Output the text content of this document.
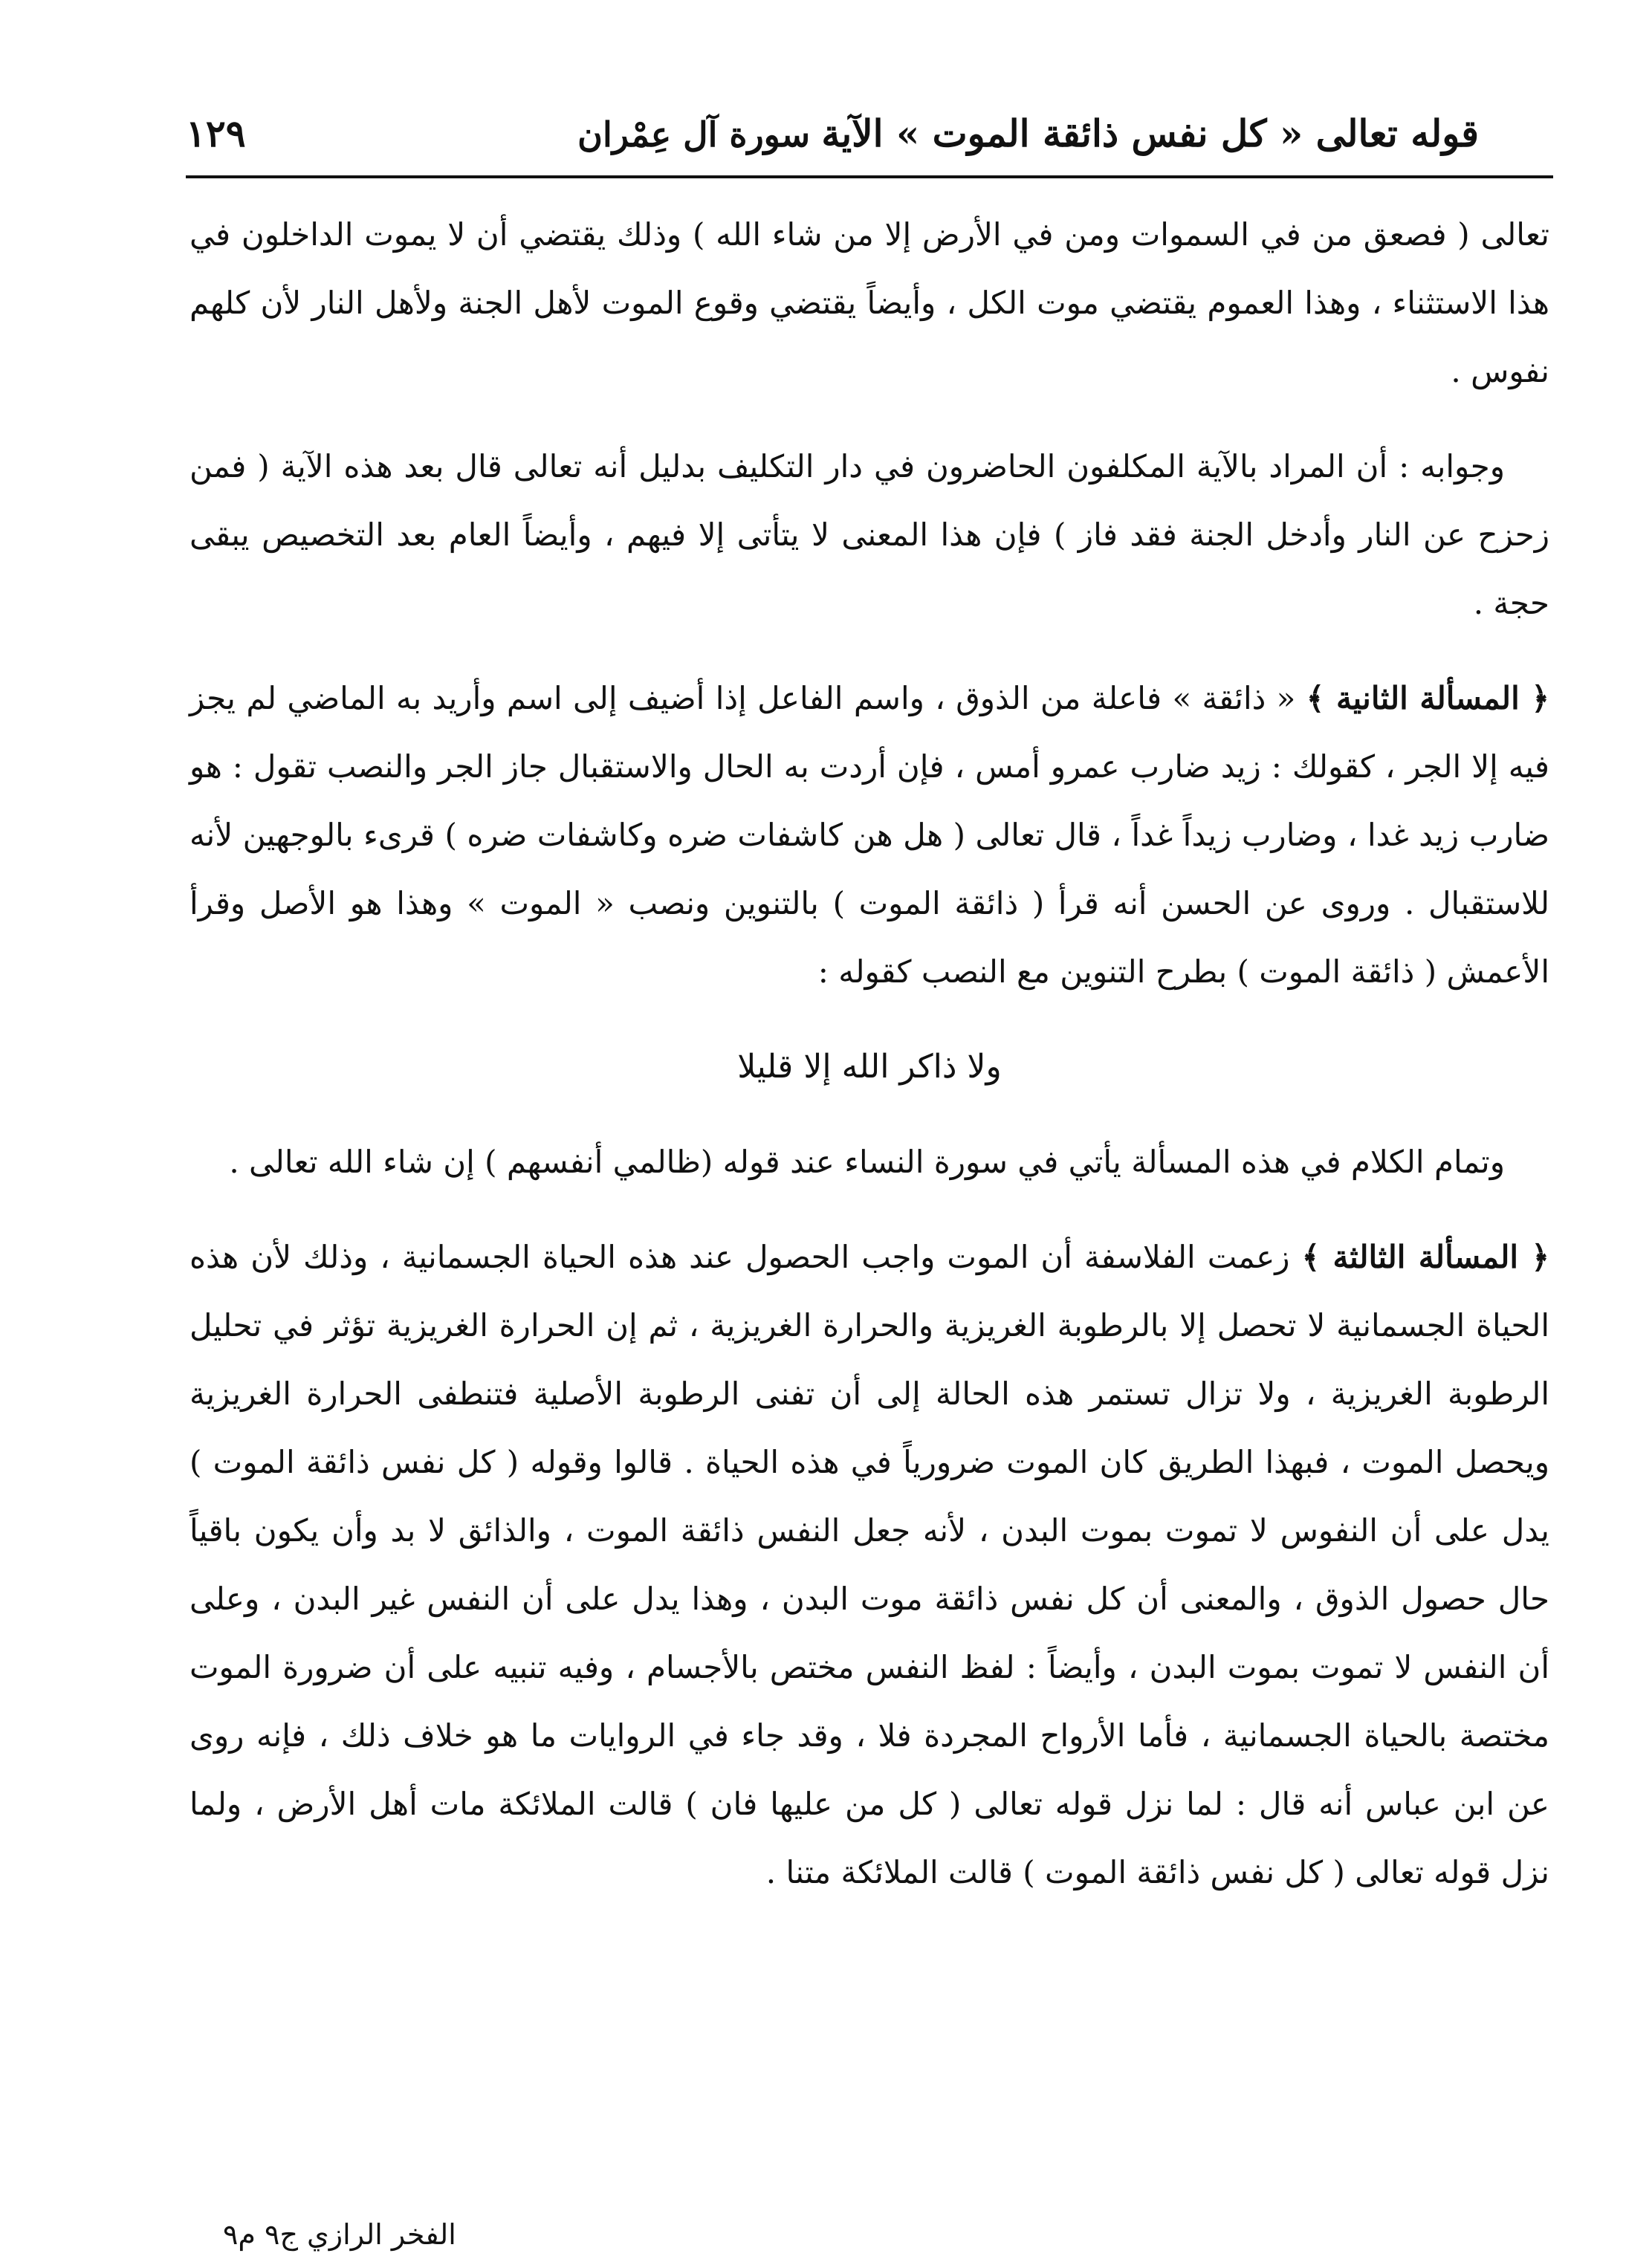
قوله تعالى « كل نفس ذائقة الموت » الآية
سورة آل عِمْران
١٢٩

تعالى ( فصعق من في السموات ومن في الأرض إلا من شاء الله ) وذلك يقتضي أن لا يموت الداخلون في هذا الاستثناء ، وهذا العموم يقتضي موت الكل ، وأيضاً يقتضي وقوع الموت لأهل الجنة ولأهل النار لأن كلهم نفوس .

وجوابه : أن المراد بالآية المكلفون الحاضرون في دار التكليف بدليل أنه تعالى قال بعد هذه الآية ( فمن زحزح عن النار وأدخل الجنة فقد فاز ) فإن هذا المعنى لا يتأتى إلا فيهم ، وأيضاً العام بعد التخصيص يبقى حجة .

﴿ المسألة الثانية ﴾ « ذائقة » فاعلة من الذوق ، واسم الفاعل إذا أضيف إلى اسم وأريد به الماضي لم يجز فيه إلا الجر ، كقولك : زيد ضارب عمرو أمس ، فإن أردت به الحال والاستقبال جاز الجر والنصب تقول : هو ضارب زيد غدا ، وضارب زيداً غداً ، قال تعالى ( هل هن كاشفات ضره وكاشفات ضره ) قرىء بالوجهين لأنه للاستقبال . وروى عن الحسن أنه قرأ ( ذائقة الموت ) بالتنوين ونصب « الموت » وهذا هو الأصل وقرأ الأعمش ( ذائقة الموت ) بطرح التنوين مع النصب كقوله :

ولا ذاكر الله إلا قليلا

وتمام الكلام في هذه المسألة يأتي في سورة النساء عند قوله (ظالمي أنفسهم ) إن شاء الله تعالى .

﴿ المسألة الثالثة ﴾ زعمت الفلاسفة أن الموت واجب الحصول عند هذه الحياة الجسمانية ، وذلك لأن هذه الحياة الجسمانية لا تحصل إلا بالرطوبة الغريزية والحرارة الغريزية ، ثم إن الحرارة الغريزية تؤثر في تحليل الرطوبة الغريزية ، ولا تزال تستمر هذه الحالة إلى أن تفنى الرطوبة الأصلية فتنطفى الحرارة الغريزية ويحصل الموت ، فبهذا الطريق كان الموت ضرورياً في هذه الحياة . قالوا وقوله ( كل نفس ذائقة الموت ) يدل على أن النفوس لا تموت بموت البدن ، لأنه جعل النفس ذائقة الموت ، والذائق لا بد وأن يكون باقياً حال حصول الذوق ، والمعنى أن كل نفس ذائقة موت البدن ، وهذا يدل على أن النفس غير البدن ، وعلى أن النفس لا تموت بموت البدن ، وأيضاً : لفظ النفس مختص بالأجسام ، وفيه تنبيه على أن ضرورة الموت مختصة بالحياة الجسمانية ، فأما الأرواح المجردة فلا ، وقد جاء في الروايات ما هو خلاف ذلك ، فإنه روى عن ابن عباس أنه قال : لما نزل قوله تعالى ( كل من عليها فان ) قالت الملائكة مات أهل الأرض ، ولما نزل قوله تعالى ( كل نفس ذائقة الموت ) قالت الملائكة متنا .

الفخر الرازي ج٩ م٩
